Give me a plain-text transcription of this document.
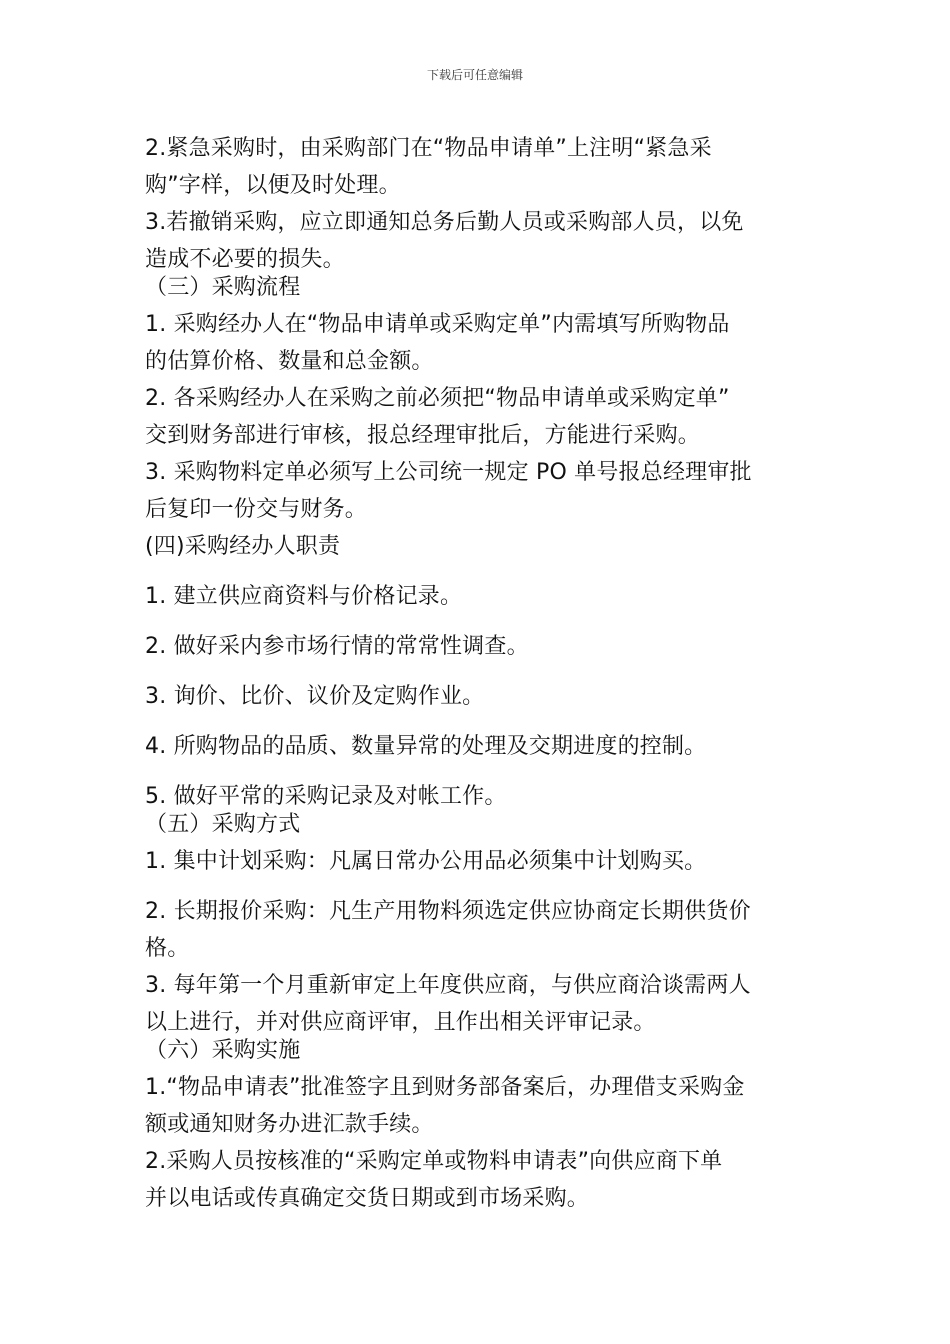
下载后可任意编辑
2.紧急采购时，由采购部门在“物品申请单”上注明“紧急采
购”字样，以便及时处理。
3.若撤销采购，应立即通知总务后勤人员或采购部人员，以免
造成不必要的损失。
（三）采购流程
1. 采购经办人在“物品申请单或采购定单”内需填写所购物品
的估算价格、数量和总金额。
2. 各采购经办人在采购之前必须把“物品申请单或采购定单”
交到财务部进行审核，报总经理审批后，方能进行采购。
3. 采购物料定单必须写上公司统一规定 PO 单号报总经理审批
后复印一份交与财务。
(四)采购经办人职责
1. 建立供应商资料与价格记录。
2. 做好采内参市场行情的常常性调查。
3. 询价、比价、议价及定购作业。
4. 所购物品的品质、数量异常的处理及交期进度的控制。
5. 做好平常的采购记录及对帐工作。
（五）采购方式
1. 集中计划采购：凡属日常办公用品必须集中计划购买。
2. 长期报价采购：凡生产用物料须选定供应协商定长期供货价
格。
3. 每年第一个月重新审定上年度供应商，与供应商洽谈需两人
以上进行，并对供应商评审，且作出相关评审记录。
（六）采购实施
1.“物品申请表”批准签字且到财务部备案后，办理借支采购金
额或通知财务办进汇款手续。
2.采购人员按核准的“采购定单或物料申请表”向供应商下单
并以电话或传真确定交货日期或到市场采购。
